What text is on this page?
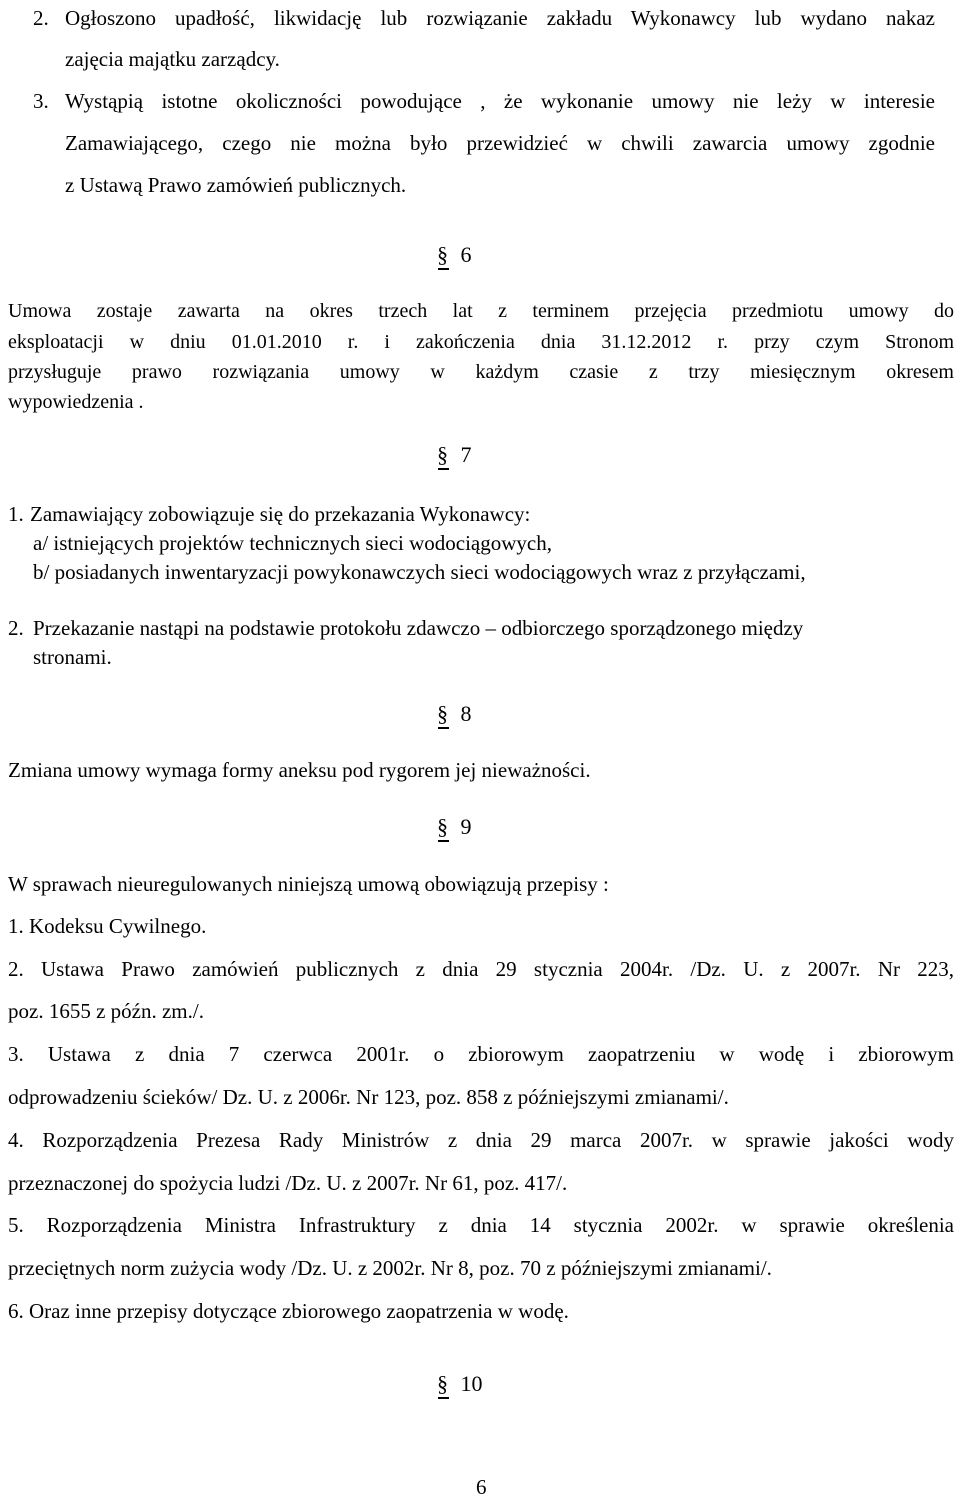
2. Ogłoszono upadłość, likwidację lub rozwiązanie zakładu Wykonawcy lub wydano nakaz
zajęcia majątku zarządcy.
3. Wystąpią istotne okoliczności powodujące , że wykonanie umowy nie leży w interesie
Zamawiającego, czego nie można było przewidzieć w chwili zawarcia umowy zgodnie
z Ustawą Prawo zamówień publicznych.
§ 6
Umowa zostaje zawarta na okres trzech lat z terminem przejęcia przedmiotu umowy do
eksploatacji w dniu 01.01.2010 r. i zakończenia dnia 31.12.2012 r. przy czym Stronom
przysługuje prawo rozwiązania umowy w każdym czasie z trzy miesięcznym okresem
wypowiedzenia .
§ 7
1. Zamawiający zobowiązuje się do przekazania Wykonawcy:
a/ istniejących projektów technicznych sieci wodociągowych,
b/ posiadanych inwentaryzacji powykonawczych sieci wodociągowych wraz z przyłączami,
2. Przekazanie nastąpi na podstawie protokołu zdawczo – odbiorczego sporządzonego między
stronami.
§ 8
Zmiana umowy wymaga formy aneksu pod rygorem jej nieważności.
§ 9
W sprawach nieuregulowanych niniejszą umową obowiązują przepisy :
1. Kodeksu Cywilnego.
2. Ustawa Prawo zamówień publicznych z dnia 29 stycznia 2004r. /Dz. U. z 2007r. Nr 223,
poz. 1655 z późn. zm./.
3. Ustawa z dnia 7 czerwca 2001r. o zbiorowym zaopatrzeniu w wodę i zbiorowym
odprowadzeniu ścieków/ Dz. U. z 2006r. Nr 123, poz. 858 z późniejszymi zmianami/.
4. Rozporządzenia Prezesa Rady Ministrów z dnia 29 marca 2007r. w sprawie jakości wody
przeznaczonej do spożycia ludzi /Dz. U. z 2007r. Nr 61, poz. 417/.
5. Rozporządzenia Ministra Infrastruktury z dnia 14 stycznia 2002r. w sprawie określenia
przeciętnych norm zużycia wody /Dz. U. z 2002r. Nr 8, poz. 70 z późniejszymi zmianami/.
6. Oraz inne przepisy dotyczące zbiorowego zaopatrzenia w wodę.
§ 10
6
